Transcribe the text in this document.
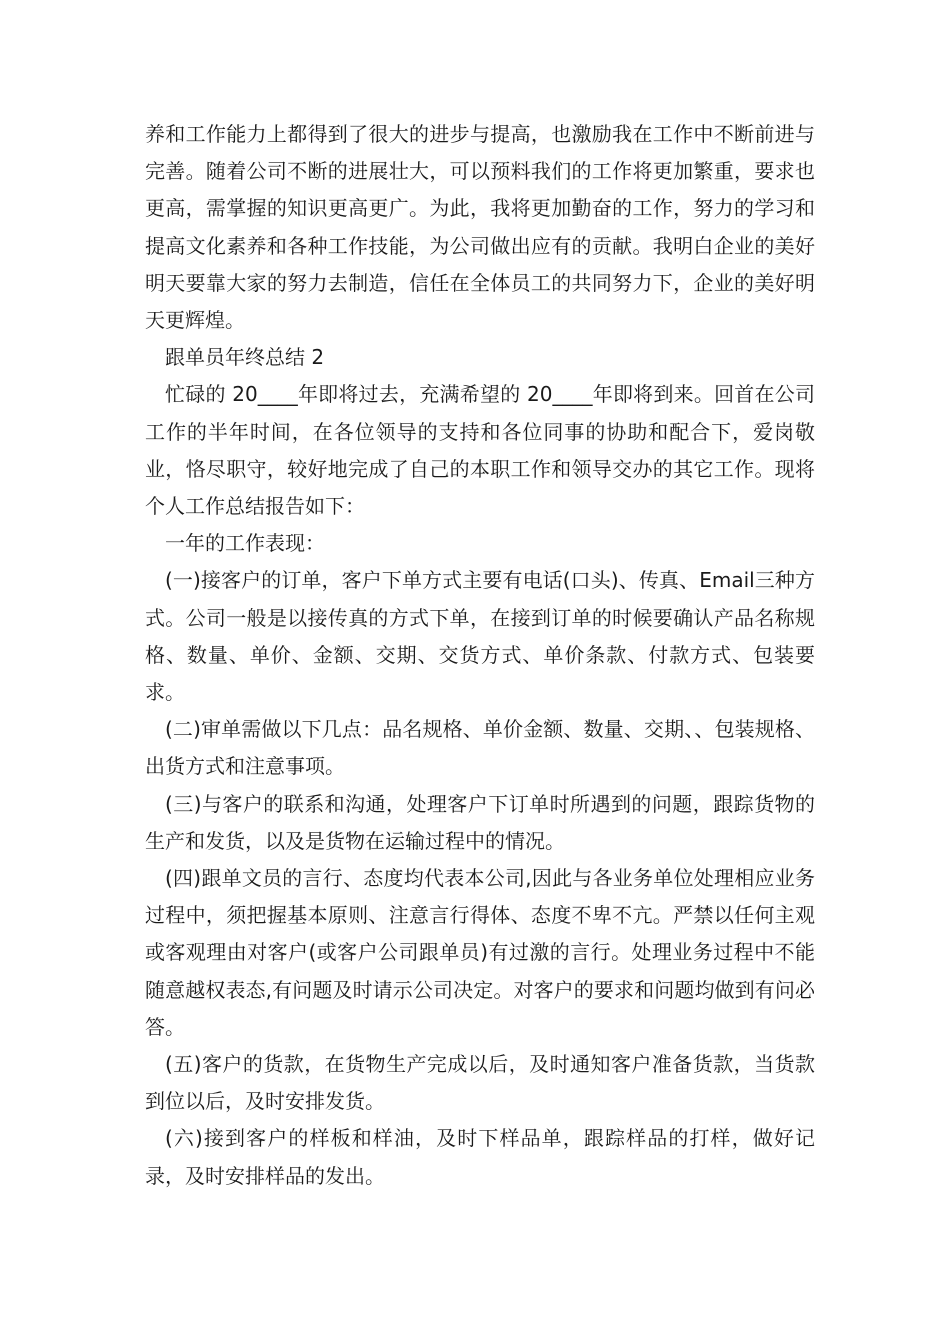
养和工作能力上都得到了很大的进步与提高，也激励我在工作中不断前进与完善。随着公司不断的进展壮大，可以预料我们的工作将更加繁重，要求也更高，需掌握的知识更高更广。为此，我将更加勤奋的工作，努力的学习和提高文化素养和各种工作技能，为公司做出应有的贡献。我明白企业的美好明天要靠大家的努力去制造，信任在全体员工的共同努力下，企业的美好明天更辉煌。

跟单员年终总结 2

忙碌的 20____年即将过去，充满希望的 20____年即将到来。回首在公司工作的半年时间，在各位领导的支持和各位同事的协助和配合下，爱岗敬业，恪尽职守，较好地完成了自己的本职工作和领导交办的其它工作。现将个人工作总结报告如下：

一年的工作表现：

(一)接客户的订单，客户下单方式主要有电话(口头)、传真、Email三种方式。公司一般是以接传真的方式下单，在接到订单的时候要确认产品名称规格、数量、单价、金额、交期、交货方式、单价条款、付款方式、包装要求。

(二)审单需做以下几点：品名规格、单价金额、数量、交期、、包装规格、出货方式和注意事项。

(三)与客户的联系和沟通，处理客户下订单时所遇到的问题，跟踪货物的生产和发货，以及是货物在运输过程中的情况。

(四)跟单文员的言行、态度均代表本公司,因此与各业务单位处理相应业务过程中，须把握基本原则、注意言行得体、态度不卑不亢。严禁以任何主观或客观理由对客户(或客户公司跟单员)有过激的言行。处理业务过程中不能随意越权表态,有问题及时请示公司决定。对客户的要求和问题均做到有问必答。

(五)客户的货款，在货物生产完成以后，及时通知客户准备货款，当货款到位以后，及时安排发货。

(六)接到客户的样板和样油，及时下样品单，跟踪样品的打样，做好记录，及时安排样品的发出。
